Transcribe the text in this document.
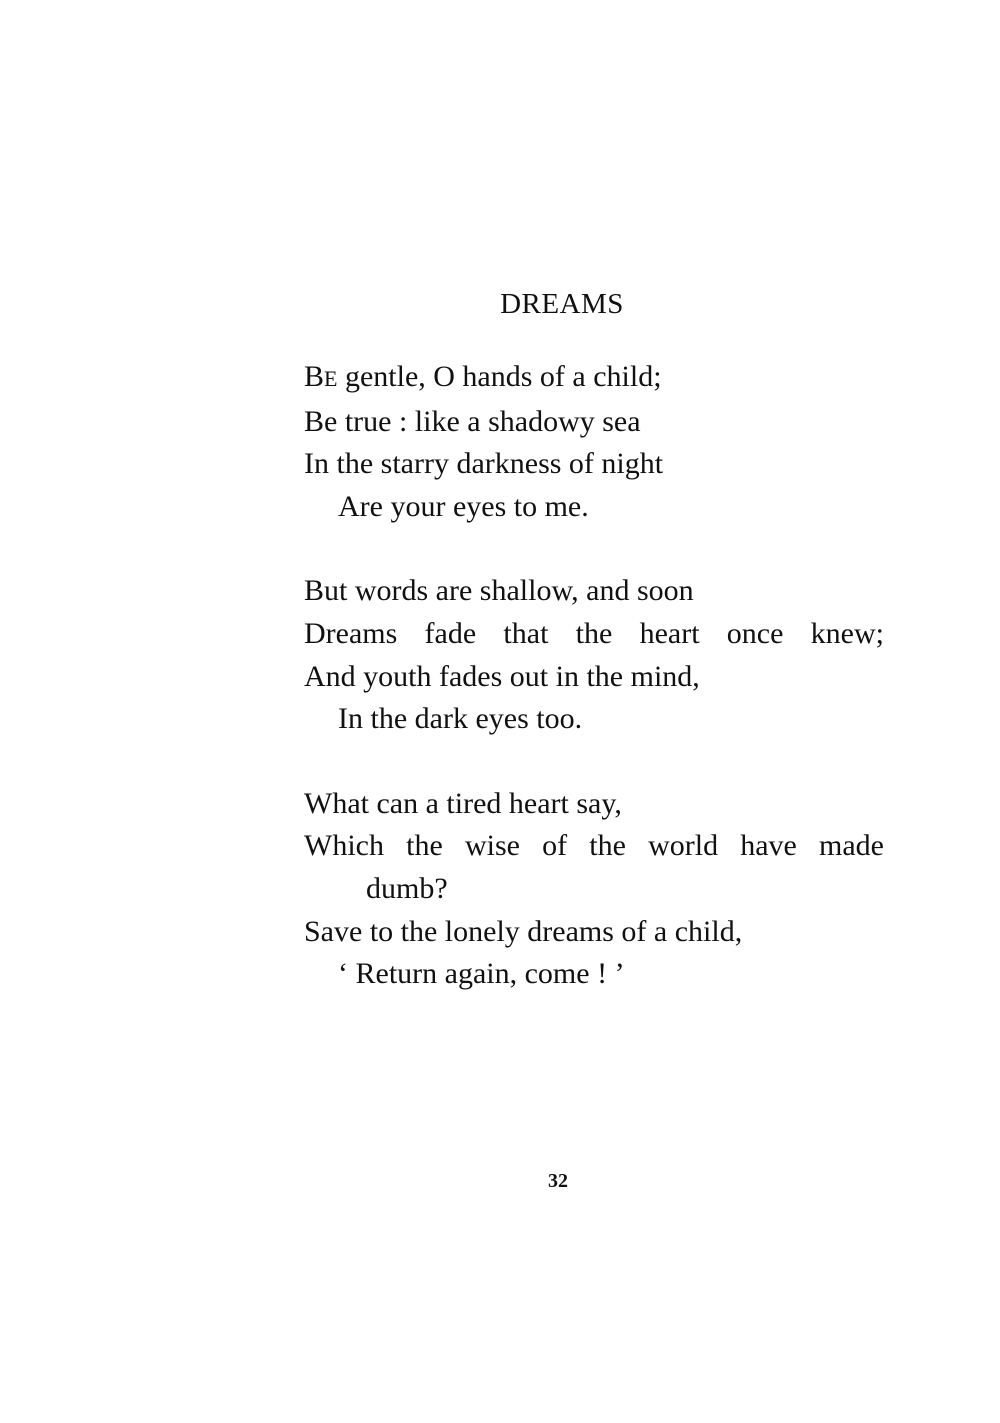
DREAMS
BE gentle, O hands of a child;
Be true : like a shadowy sea
In the starry darkness of night
Are your eyes to me.
But words are shallow, and soon
Dreams fade that the heart once knew;
And youth fades out in the mind,
In the dark eyes too.
What can a tired heart say,
Which the wise of the world have made
dumb?
Save to the lonely dreams of a child,
‘ Return again, come ! ’
32
